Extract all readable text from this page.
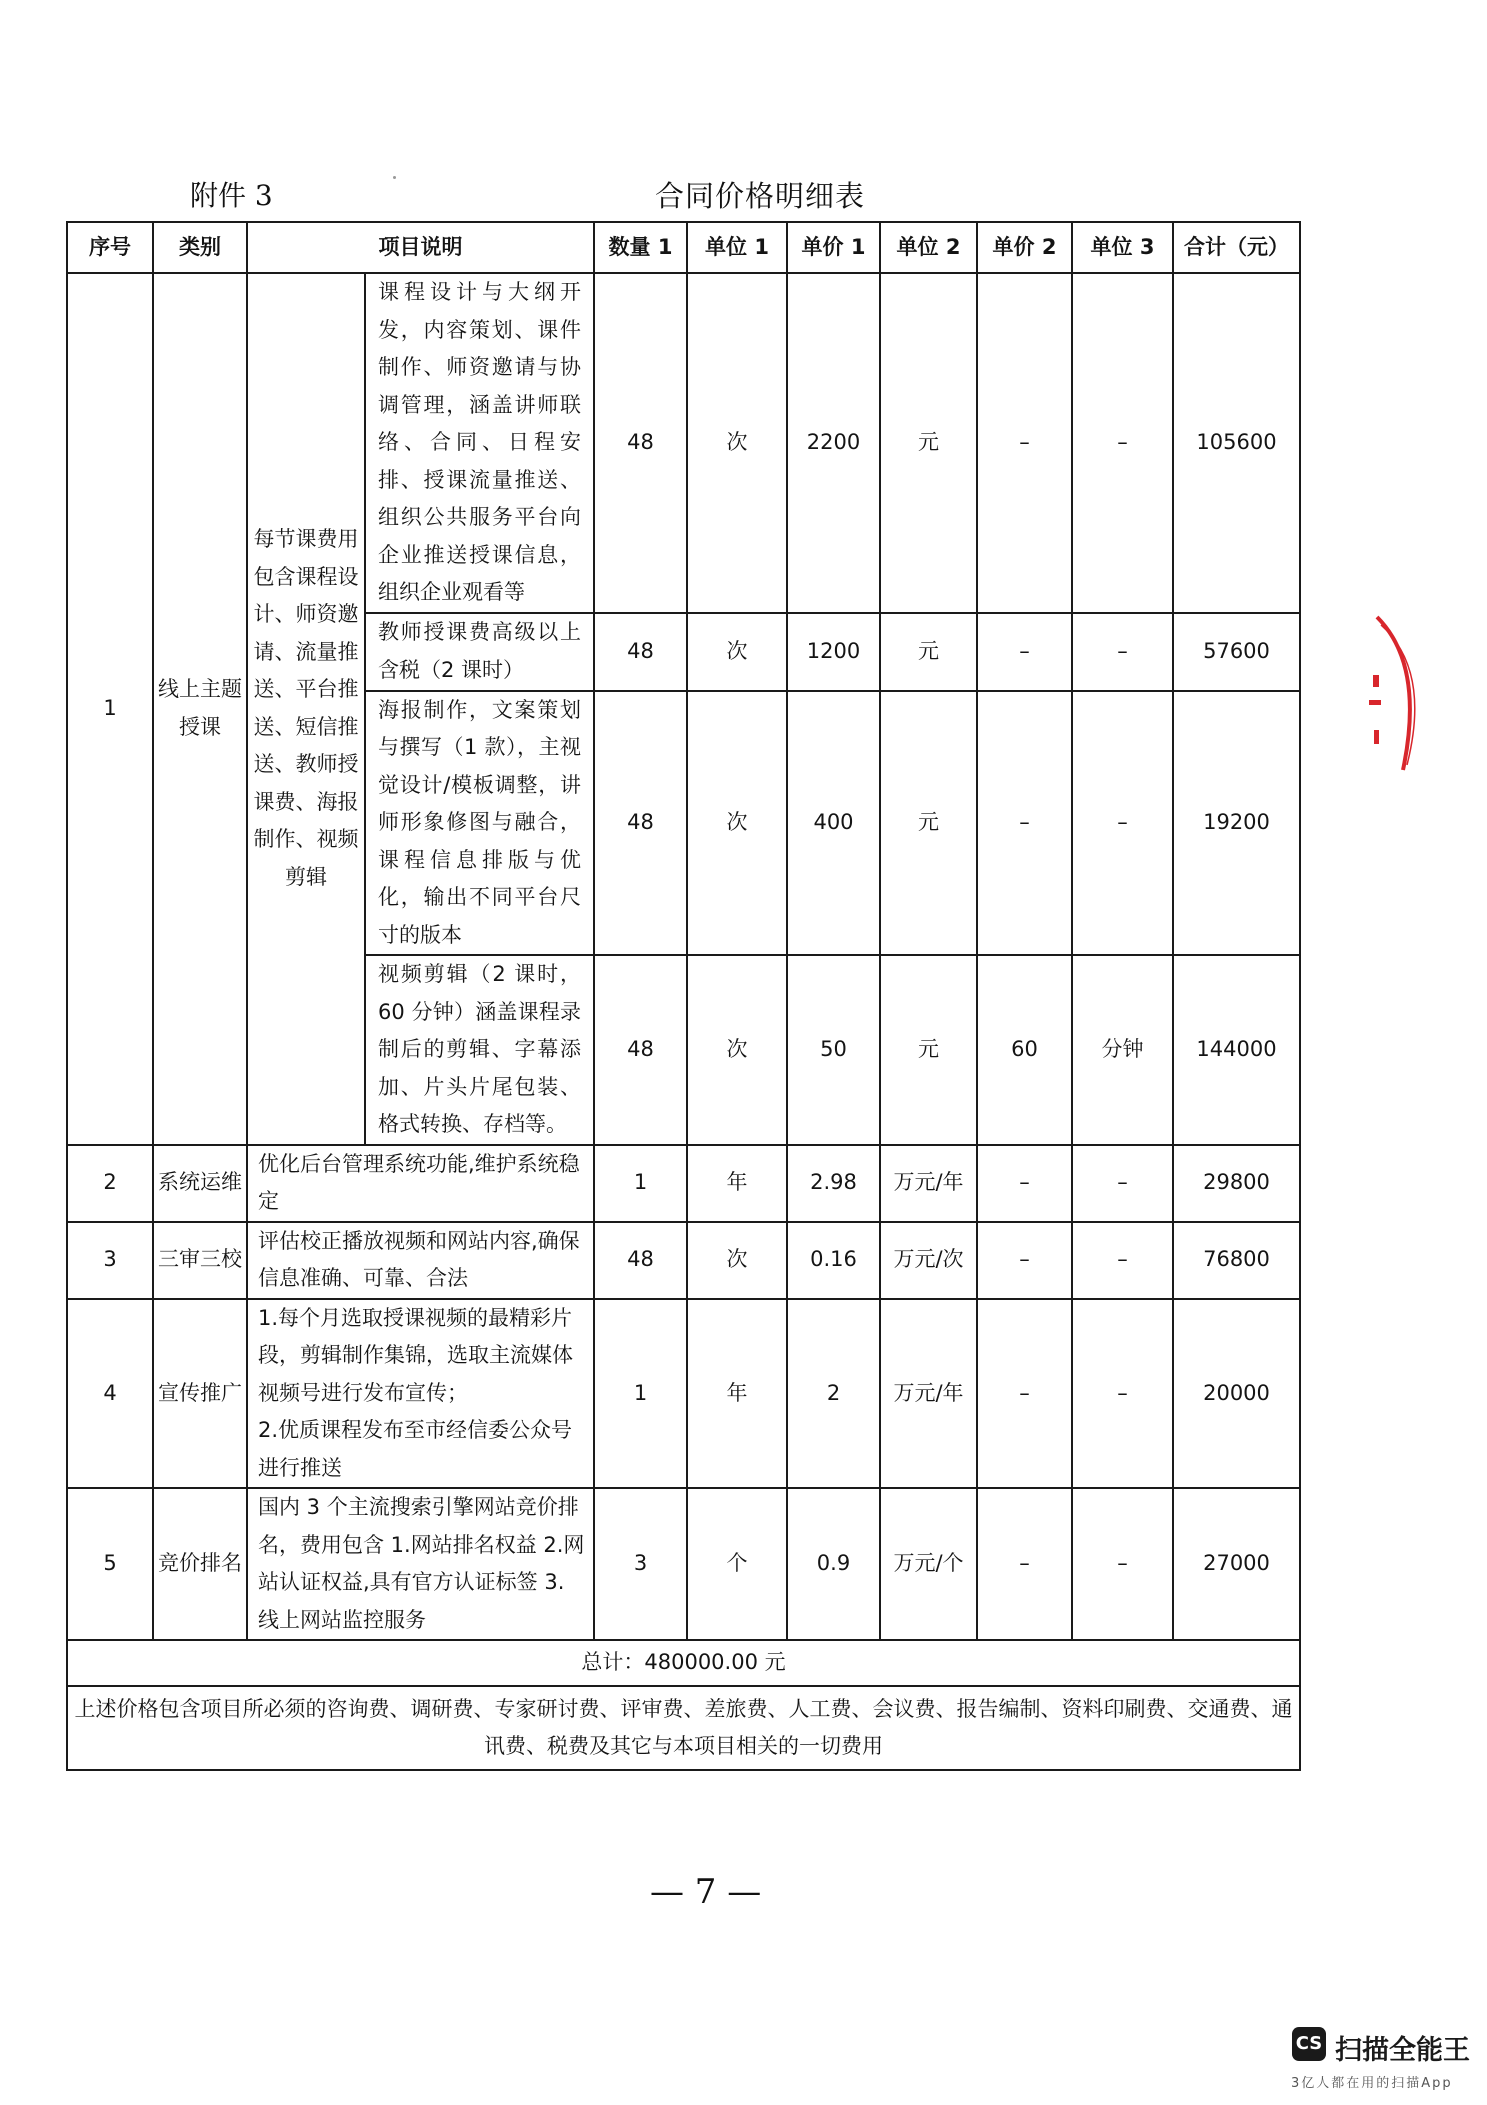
附件 3	合同价格明细表
序号	类别	项目说明		数量 1	单位 1	单价 1	单位 2	单价 2	单位 3	合计（元）
1	线上主题授课	每节课费用包含课程设计、师资邀请、流量推送、平台推送、短信推送、教师授课费、海报制作、视频剪辑	课程设计与大纲开发，内容策划、课件制作、师资邀请与协调管理，涵盖讲师联络、合同、日程安排、授课流量推送、组织公共服务平台向企业推送授课信息，组织企业观看等	48	次	2200	元	–	–	105600
			教师授课费高级以上含税（2 课时）	48	次	1200	元	–	–	57600
			海报制作，文案策划与撰写（1 款），主视觉设计/模板调整，讲师形象修图与融合，课程信息排版与优化，输出不同平台尺寸的版本	48	次	400	元	–	–	19200
			视频剪辑（2 课时，60 分钟）涵盖课程录制后的剪辑、字幕添加、片头片尾包装、格式转换、存档等。	48	次	50	元	60	分钟	144000
2	系统运维	优化后台管理系统功能,维护系统稳定		1	年	2.98	万元/年	–	–	29800
3	三审三校	评估校正播放视频和网站内容,确保信息准确、可靠、合法		48	次	0.16	万元/次	–	–	76800
4	宣传推广	1.每个月选取授课视频的最精彩片段，剪辑制作集锦，选取主流媒体视频号进行发布宣传；
2.优质课程发布至市经信委公众号进行推送		1	年	2	万元/年	–	–	20000
5	竞价排名	国内 3 个主流搜索引擎网站竞价排名，费用包含 1.网站排名权益 2.网站认证权益,具有官方认证标签 3.线上网站监控服务		3	个	0.9	万元/个	–	–	27000
总计：480000.00 元										
上述价格包含项目所必须的咨询费、调研费、专家研讨费、评审费、差旅费、人工费、会议费、报告编制、资料印刷费、交通费、通讯费、税费及其它与本项目相关的一切费用										
— 7 —
CS 扫描全能王
3亿人都在用的扫描App
